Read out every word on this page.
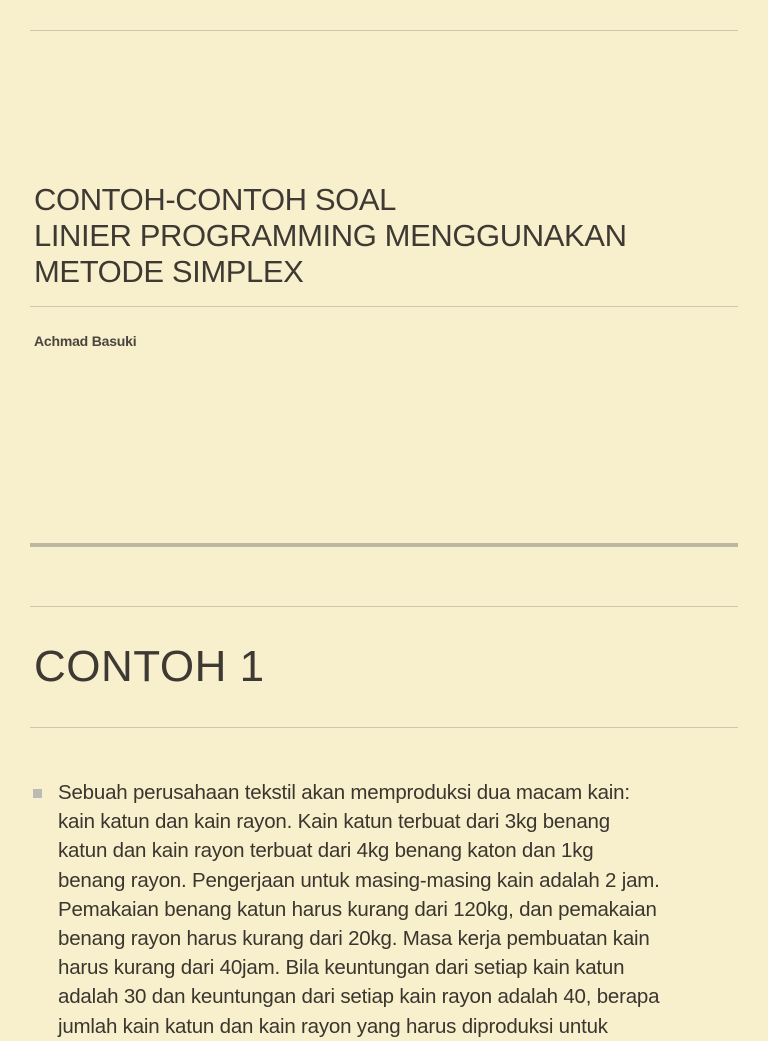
CONTOH-CONTOH SOAL
LINIER PROGRAMMING MENGGUNAKAN
METODE SIMPLEX
Achmad Basuki
CONTOH 1
Sebuah perusahaan tekstil akan memproduksi dua macam kain:
kain katun dan kain rayon. Kain katun terbuat dari 3kg benang
katun dan kain rayon terbuat dari 4kg benang katon dan 1kg
benang rayon. Pengerjaan untuk masing-masing kain adalah 2 jam.
Pemakaian benang katun harus kurang dari 120kg, dan pemakaian
benang rayon harus kurang dari 20kg. Masa kerja pembuatan kain
harus kurang dari 40jam. Bila keuntungan dari setiap kain katun
adalah 30 dan keuntungan dari setiap kain rayon adalah 40, berapa
jumlah kain katun dan kain rayon yang harus diproduksi untuk
